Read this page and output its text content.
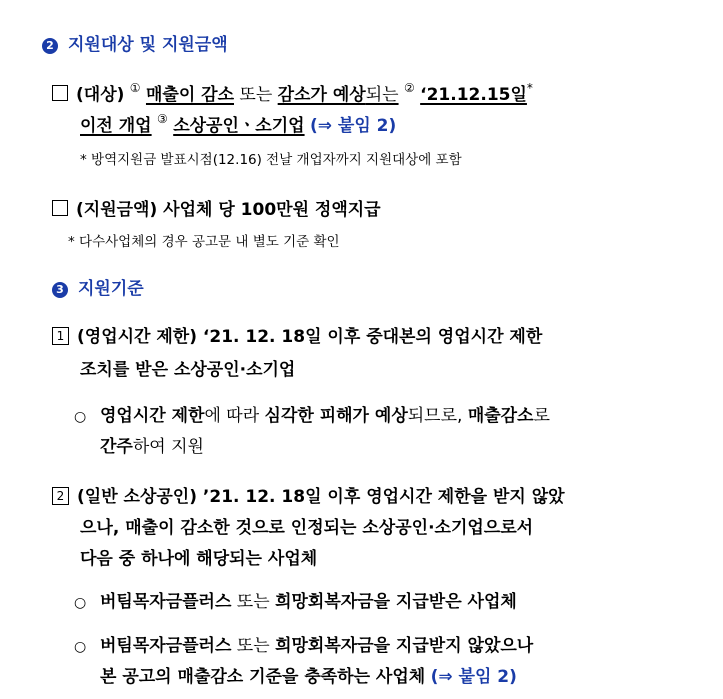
2 지원대상 및 지원금액
(대상) ① 매출이 감소 또는 감소가 예상되는 ② ‘21.12.15일*
이전 개업 ③ 소상공인ㆍ소기업 (⇒ 붙임 2)
* 방역지원금 발표시점(12.16) 전날 개업자까지 지원대상에 포함
(지원금액) 사업체 당 100만원 정액지급
* 다수사업체의 경우 공고문 내 별도 기준 확인
3 지원기준
1 (영업시간 제한) ‘21. 12. 18일 이후 중대본의 영업시간 제한
조치를 받은 소상공인·소기업
○ 영업시간 제한에 따라 심각한 피해가 예상되므로, 매출감소로
간주하여 지원
2 (일반 소상공인) ’21. 12. 18일 이후 영업시간 제한을 받지 않았
으나, 매출이 감소한 것으로 인정되는 소상공인·소기업으로서
다음 중 하나에 해당되는 사업체
○ 버팀목자금플러스 또는 희망회복자금을 지급받은 사업체
○ 버팀목자금플러스 또는 희망회복자금을 지급받지 않았으나
본 공고의 매출감소 기준을 충족하는 사업체 (⇒ 붙임 2)
